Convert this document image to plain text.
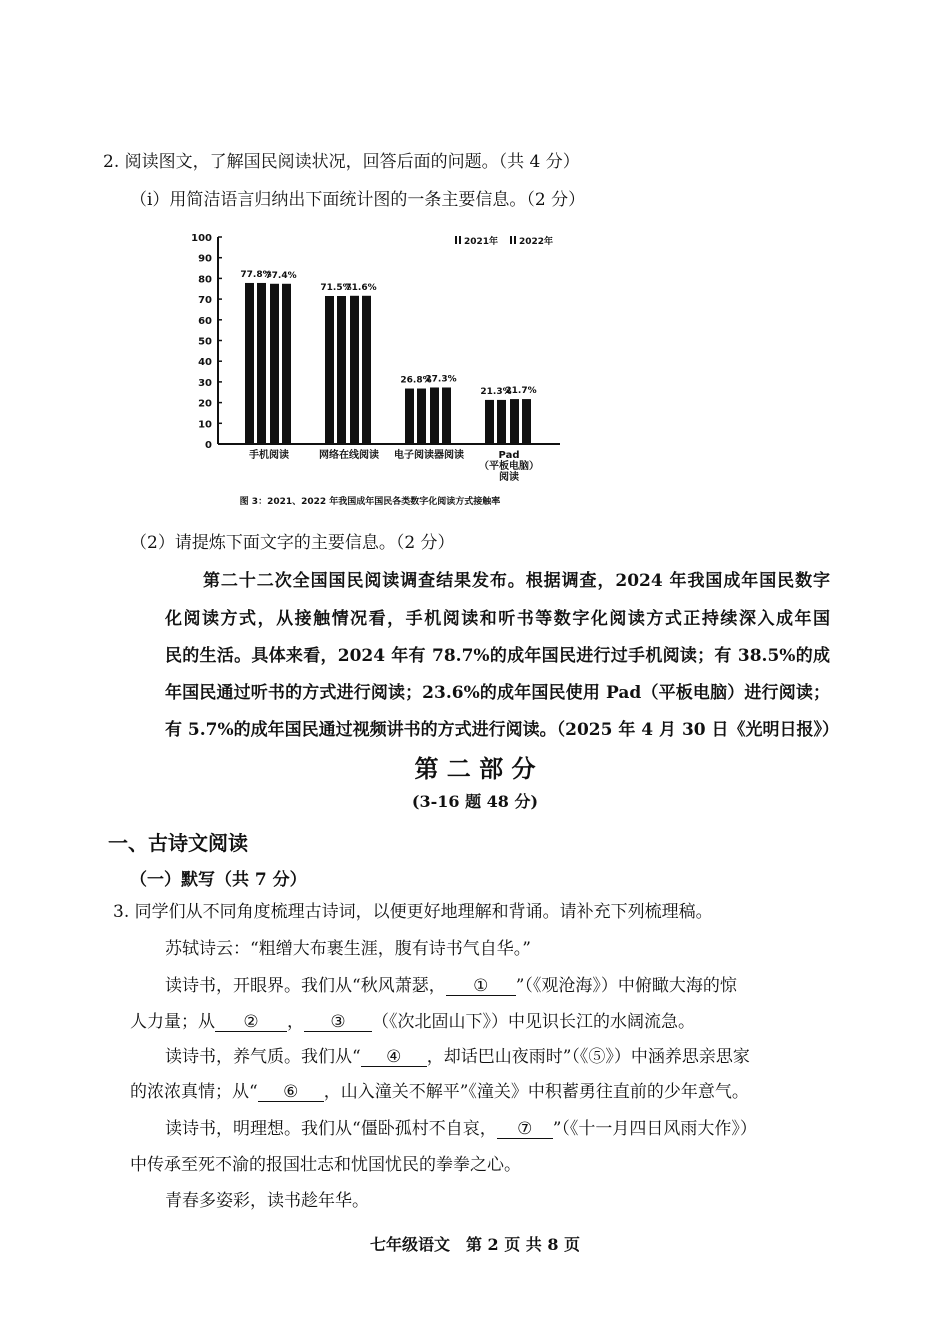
2. 阅读图文，了解国民阅读状况，回答后面的问题。（共 4 分）
（i）用简洁语言归纳出下面统计图的一条主要信息。（2 分）
0
10
20
30
40
50
60
70
80
90
100
77.8%
77.4%
手机阅读
71.5%
71.6%
网络在线阅读
26.8%
27.3%
电子阅读器阅读
21.3%
21.7%
Pad
（平板电脑）
阅读
2021年 2022年
图 3：2021、2022 年我国成年国民各类数字化阅读方式接触率
（2）请提炼下面文字的主要信息。（2 分）
第二十二次全国国民阅读调查结果发布。根据调查，2024 年我国成年国民数字
化阅读方式，从接触情况看，手机阅读和听书等数字化阅读方式正持续深入成年国
民的生活。具体来看，2024 年有 78.7%的成年国民进行过手机阅读；有 38.5%的成
年国民通过听书的方式进行阅读；23.6%的成年国民使用 Pad（平板电脑）进行阅读；
有 5.7%的成年国民通过视频讲书的方式进行阅读。（2025 年 4 月 30 日《光明日报》）
第 二 部 分
(3-16 题 48 分)
一、古诗文阅读
（一）默写（共 7 分）
3. 同学们从不同角度梳理古诗词，以便更好地理解和背诵。请补充下列梳理稿。
苏轼诗云：“粗缯大布裹生涯，腹有诗书气自华。”
读诗书，开眼界。我们从“秋风萧瑟， ① ”（《观沧海》）中俯瞰大海的惊
人力量；从 ② ， ③ （《次北固山下》）中见识长江的水阔流急。
读诗书，养气质。我们从“ ④ ，却话巴山夜雨时”（《⑤》）中涵养思亲思家
的浓浓真情；从“ ⑥ ，山入潼关不解平”《潼关》中积蓄勇往直前的少年意气。
读诗书，明理想。我们从“僵卧孤村不自哀， ⑦ ”（《十一月四日风雨大作》）
中传承至死不渝的报国壮志和忧国忧民的拳拳之心。
青春多姿彩，读书趁年华。
七年级语文　第 2 页 共 8 页
